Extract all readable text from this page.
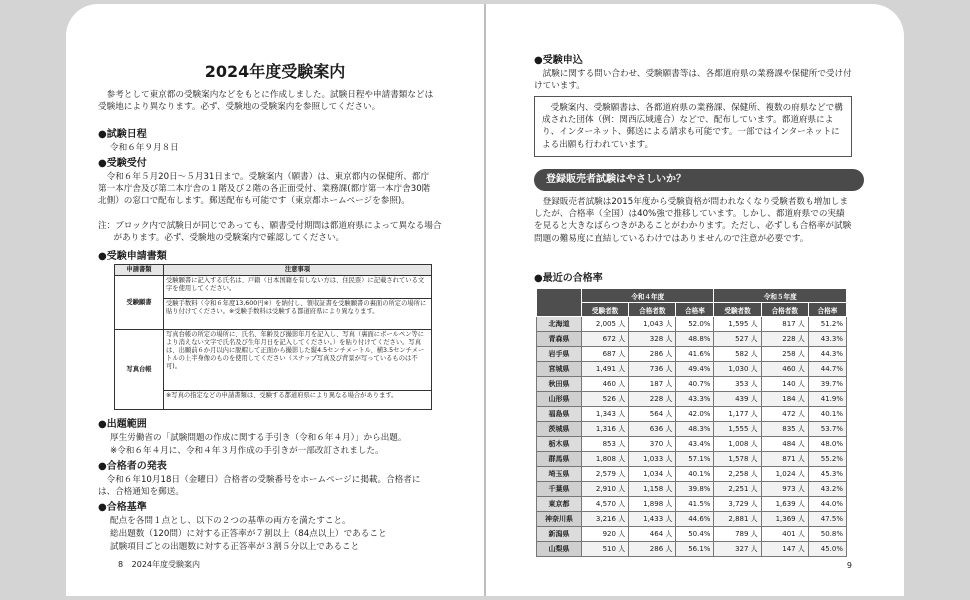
2024年度受験案内

参考として東京都の受験案内などをもとに作成しました。試験日程や申請書類などは受験地により異なります。必ず、受験地の受験案内を参照してください。

●試験日程

令和６年９月８日

●受験受付

令和６年５月20日～５月31日まで。受験案内（願書）は、東京都内の保健所、都庁第一本庁舎及び第二本庁舎の１階及び２階の各正面受付、業務課(都庁第一本庁舎30階北側）の窓口で配布します。郵送配布も可能です（東京都ホームページを参照)。

注：ブロック内で試験日が同じであっても、願書受付期間は都道府県によって異なる場合があります。必ず、受験地の受験案内で確認してください。

●受験申請書類

申請書類	注意事項
受験願書	受験願書に記入する氏名は、戸籍（日本国籍を有しない方は、住民票）に記載されている文字を使用してください。
	受験手数料（令和６年度13,600円※）を納付し、領収証書を受験願書の裏面の所定の場所に貼り付けてください。※受験手数料は受験する都道府県により異なります。
写真台帳	写真台帳の所定の場所に、氏名、年齢及び撮影年月を記入し、写真（裏面にボールペン等により消えない文字で氏名及び生年月日を記入してください。）を貼り付けてください。写真は、出願前６か月以内に脱帽して正面から撮影した縦4.5センチメートル、横3.5センチメートルの上半身像のものを使用してください（スナップ写真及び背景が写っているものは不可)。
	※写真の指定などの申請書類は、受験する都道府県により異なる場合があります。

●出題範囲

厚生労働省の「試験問題の作成に関する手引き（令和６年４月）」から出題。

※令和６年４月に、令和４年３月作成の手引きが一部改訂されました。

●合格者の発表

令和６年10月18日（金曜日）合格者の受験番号をホームページに掲載。合格者には、合格通知を郵送。

●合格基準

配点を各問１点とし、以下の２つの基準の両方を満たすこと。

総出題数（120問）に対する正答率が７割以上（84点以上）であること

試験項目ごとの出題数に対する正答率が３割５分以上であること

8 2024年度受験案内

●受験申込

試験に関する問い合わせ、受験願書等は、各都道府県の業務課や保健所で受け付けています。

受験案内、受験願書は、各都道府県の業務課、保健所、複数の府県などで構成された団体（例：関西広域連合）などで、配布しています。都道府県により、インターネット、郵送による請求も可能です。一部ではインターネットによる出願も行われています。
登録販売者試験はやさしいか？

登録販売者試験は2015年度から受験資格が問われなくなり受験者数も増加しましたが、合格率（全国）は40%強で推移しています。しかし、都道府県での実績を見ると大きなばらつきがあることがわかります。ただし、必ずしも合格率が試験問題の難易度に直結しているわけではありませんので注意が必要です。

●最近の合格率

	令和４年度			令和５年度		
	受験者数	合格者数	合格率	受験者数	合格者数	合格率
北海道	2,005 人	1,043 人	52.0%	1,595 人	817 人	51.2%
青森県	672 人	328 人	48.8%	527 人	228 人	43.3%
岩手県	687 人	286 人	41.6%	582 人	258 人	44.3%
宮城県	1,491 人	736 人	49.4%	1,030 人	460 人	44.7%
秋田県	460 人	187 人	40.7%	353 人	140 人	39.7%
山形県	526 人	228 人	43.3%	439 人	184 人	41.9%
福島県	1,343 人	564 人	42.0%	1,177 人	472 人	40.1%
茨城県	1,316 人	636 人	48.3%	1,555 人	835 人	53.7%
栃木県	853 人	370 人	43.4%	1,008 人	484 人	48.0%
群馬県	1,808 人	1,033 人	57.1%	1,578 人	871 人	55.2%
埼玉県	2,579 人	1,034 人	40.1%	2,258 人	1,024 人	45.3%
千葉県	2,910 人	1,158 人	39.8%	2,251 人	973 人	43.2%
東京都	4,570 人	1,898 人	41.5%	3,729 人	1,639 人	44.0%
神奈川県	3,216 人	1,433 人	44.6%	2,881 人	1,369 人	47.5%
新潟県	920 人	464 人	50.4%	789 人	401 人	50.8%
山梨県	510 人	286 人	56.1%	327 人	147 人	45.0%
9
